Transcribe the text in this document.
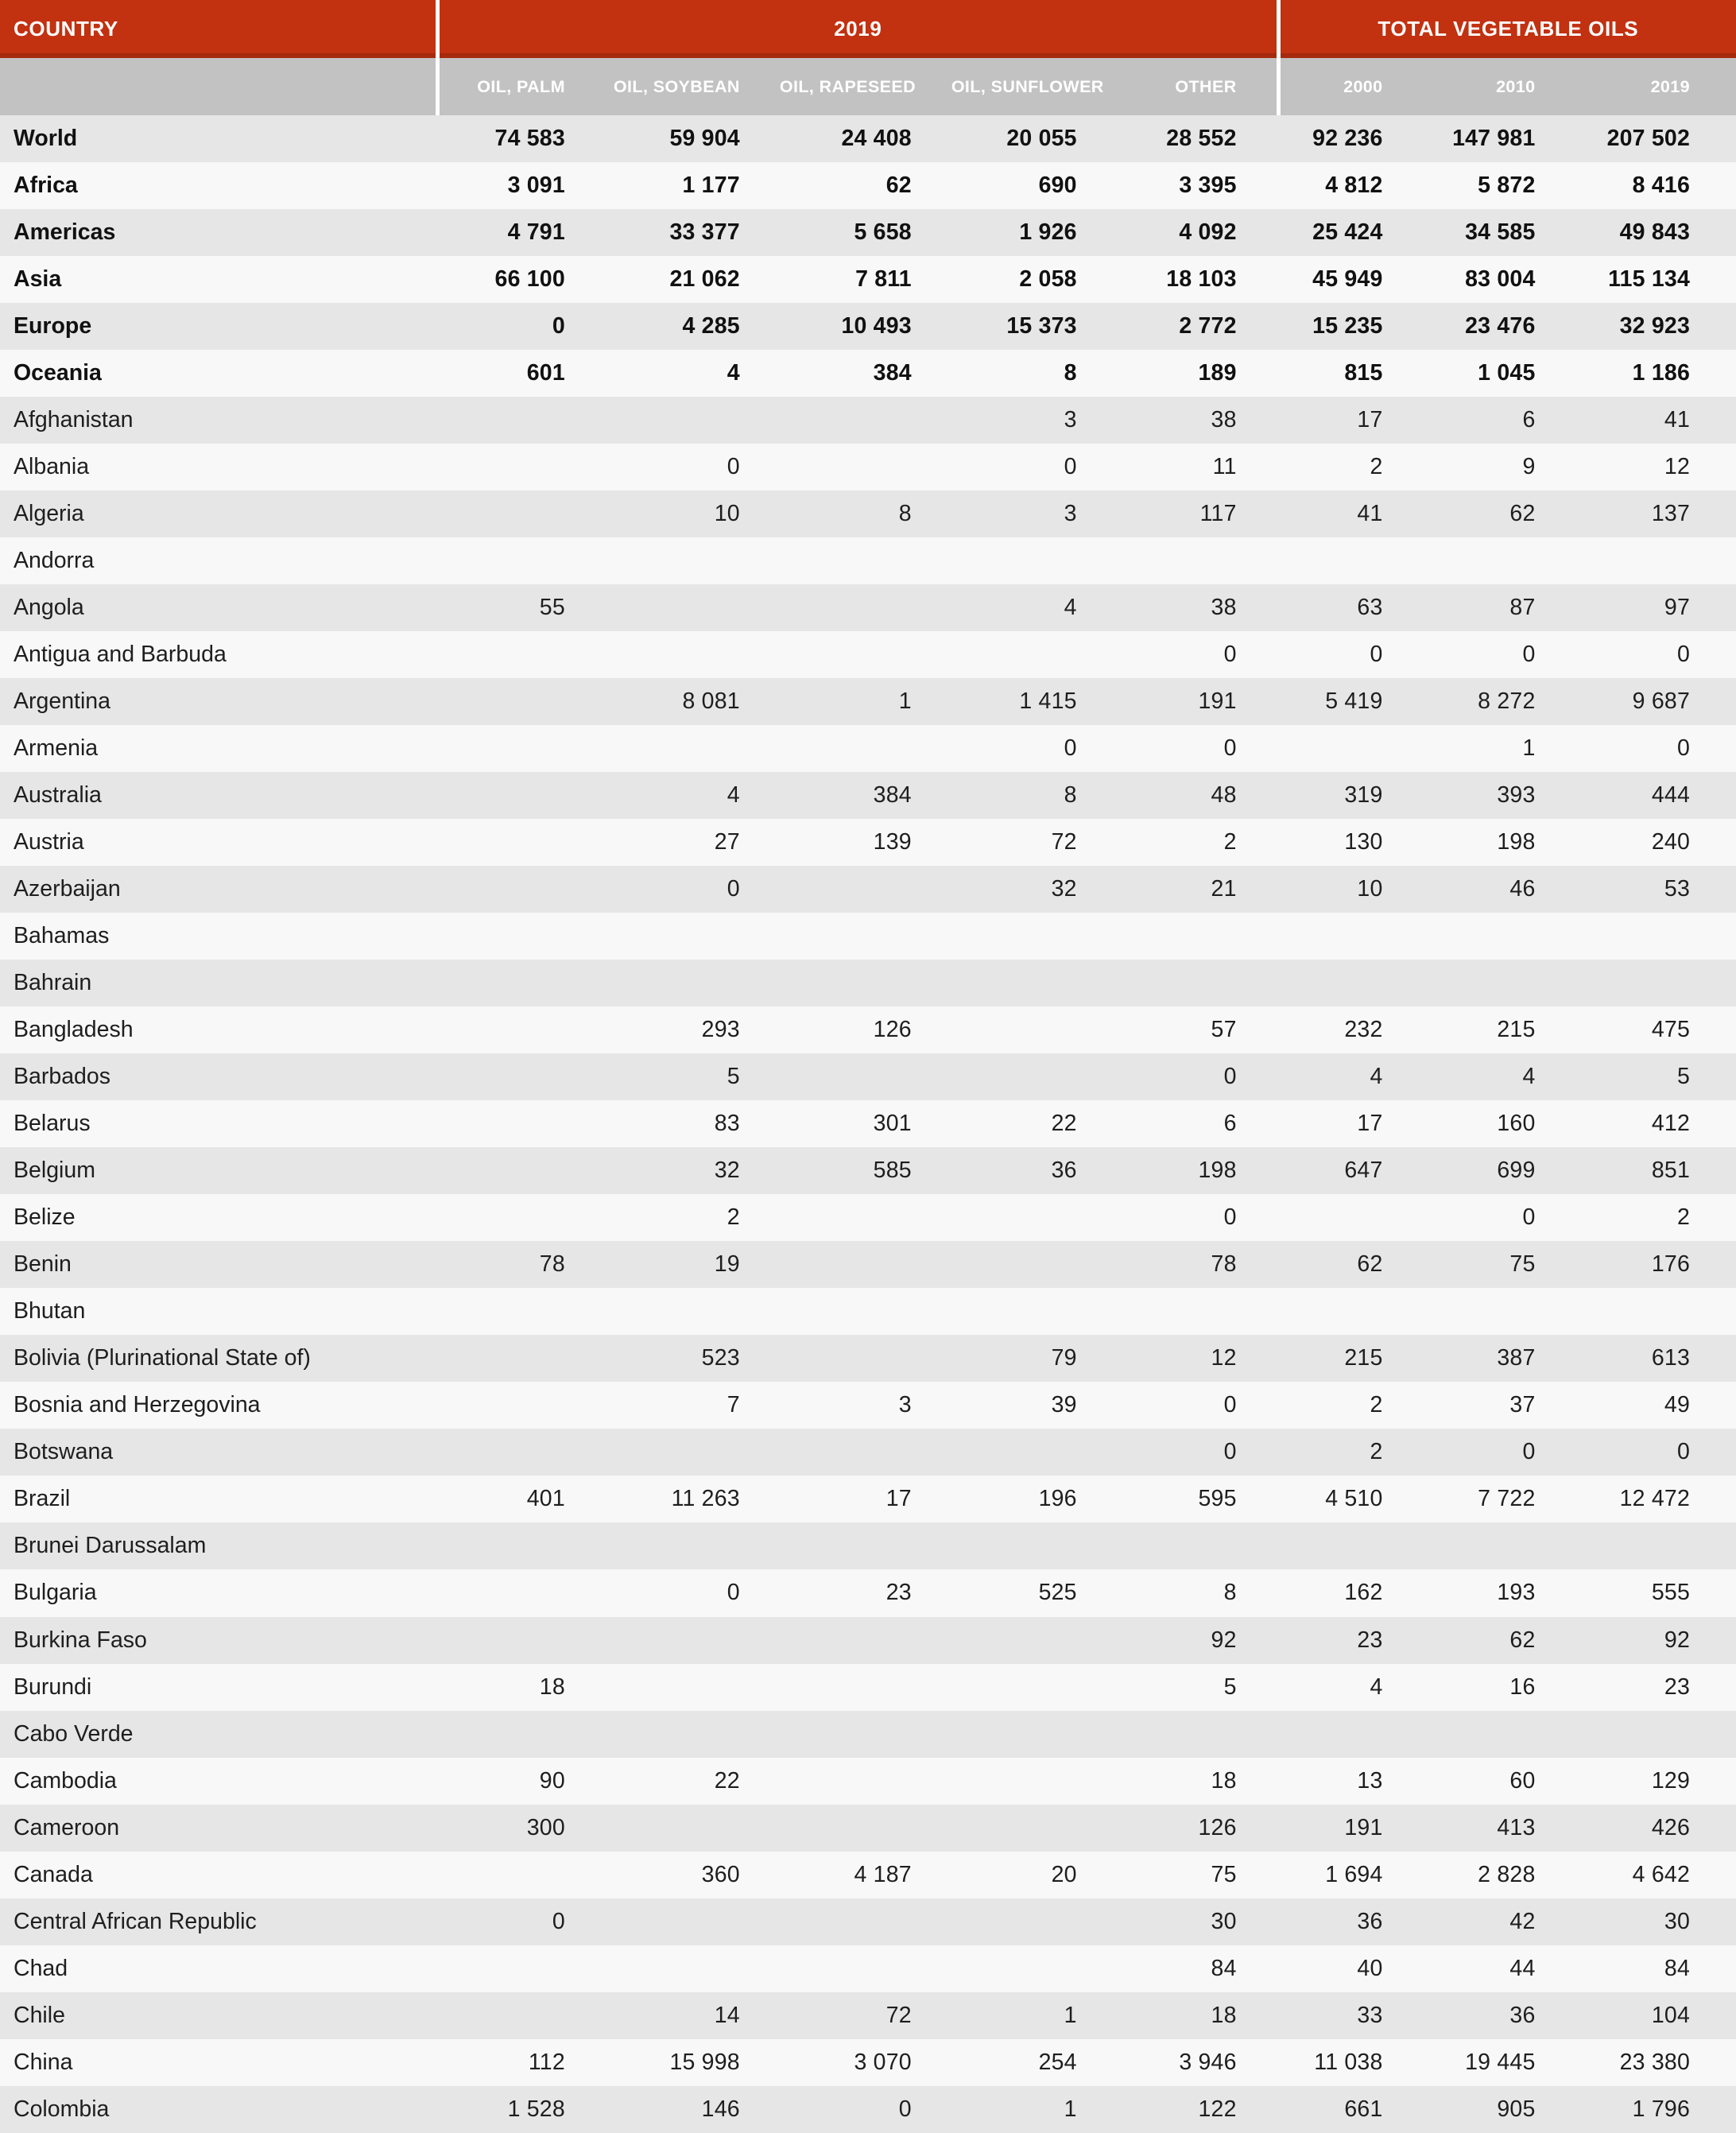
COUNTRY	2019					TOTAL VEGETABLE OILS		
	OIL, PALM	OIL, SOYBEAN	OIL, RAPESEED	OIL, SUNFLOWER	OTHER	2000	2010	2019
World	74 583	59 904	24 408	20 055	28 552	92 236	147 981	207 502
Africa	3 091	1 177	62	690	3 395	4 812	5 872	8 416
Americas	4 791	33 377	5 658	1 926	4 092	25 424	34 585	49 843
Asia	66 100	21 062	7 811	2 058	18 103	45 949	83 004	115 134
Europe	0	4 285	10 493	15 373	2 772	15 235	23 476	32 923
Oceania	601	4	384	8	189	815	1 045	1 186
Afghanistan				3	38	17	6	41
Albania		0		0	11	2	9	12
Algeria		10	8	3	117	41	62	137
Andorra								
Angola	55			4	38	63	87	97
Antigua and Barbuda					0	0	0	0
Argentina		8 081	1	1 415	191	5 419	8 272	9 687
Armenia				0	0		1	0
Australia		4	384	8	48	319	393	444
Austria		27	139	72	2	130	198	240
Azerbaijan		0		32	21	10	46	53
Bahamas								
Bahrain								
Bangladesh		293	126		57	232	215	475
Barbados		5			0	4	4	5
Belarus		83	301	22	6	17	160	412
Belgium		32	585	36	198	647	699	851
Belize		2			0		0	2
Benin	78	19			78	62	75	176
Bhutan								
Bolivia (Plurinational State of)		523		79	12	215	387	613
Bosnia and Herzegovina		7	3	39	0	2	37	49
Botswana					0	2	0	0
Brazil	401	11 263	17	196	595	4 510	7 722	12 472
Brunei Darussalam								
Bulgaria		0	23	525	8	162	193	555
Burkina Faso					92	23	62	92
Burundi	18				5	4	16	23
Cabo Verde								
Cambodia	90	22			18	13	60	129
Cameroon	300				126	191	413	426
Canada		360	4 187	20	75	1 694	2 828	4 642
Central African Republic	0				30	36	42	30
Chad					84	40	44	84
Chile		14	72	1	18	33	36	104
China	112	15 998	3 070	254	3 946	11 038	19 445	23 380
Colombia	1 528	146	0	1	122	661	905	1 796
